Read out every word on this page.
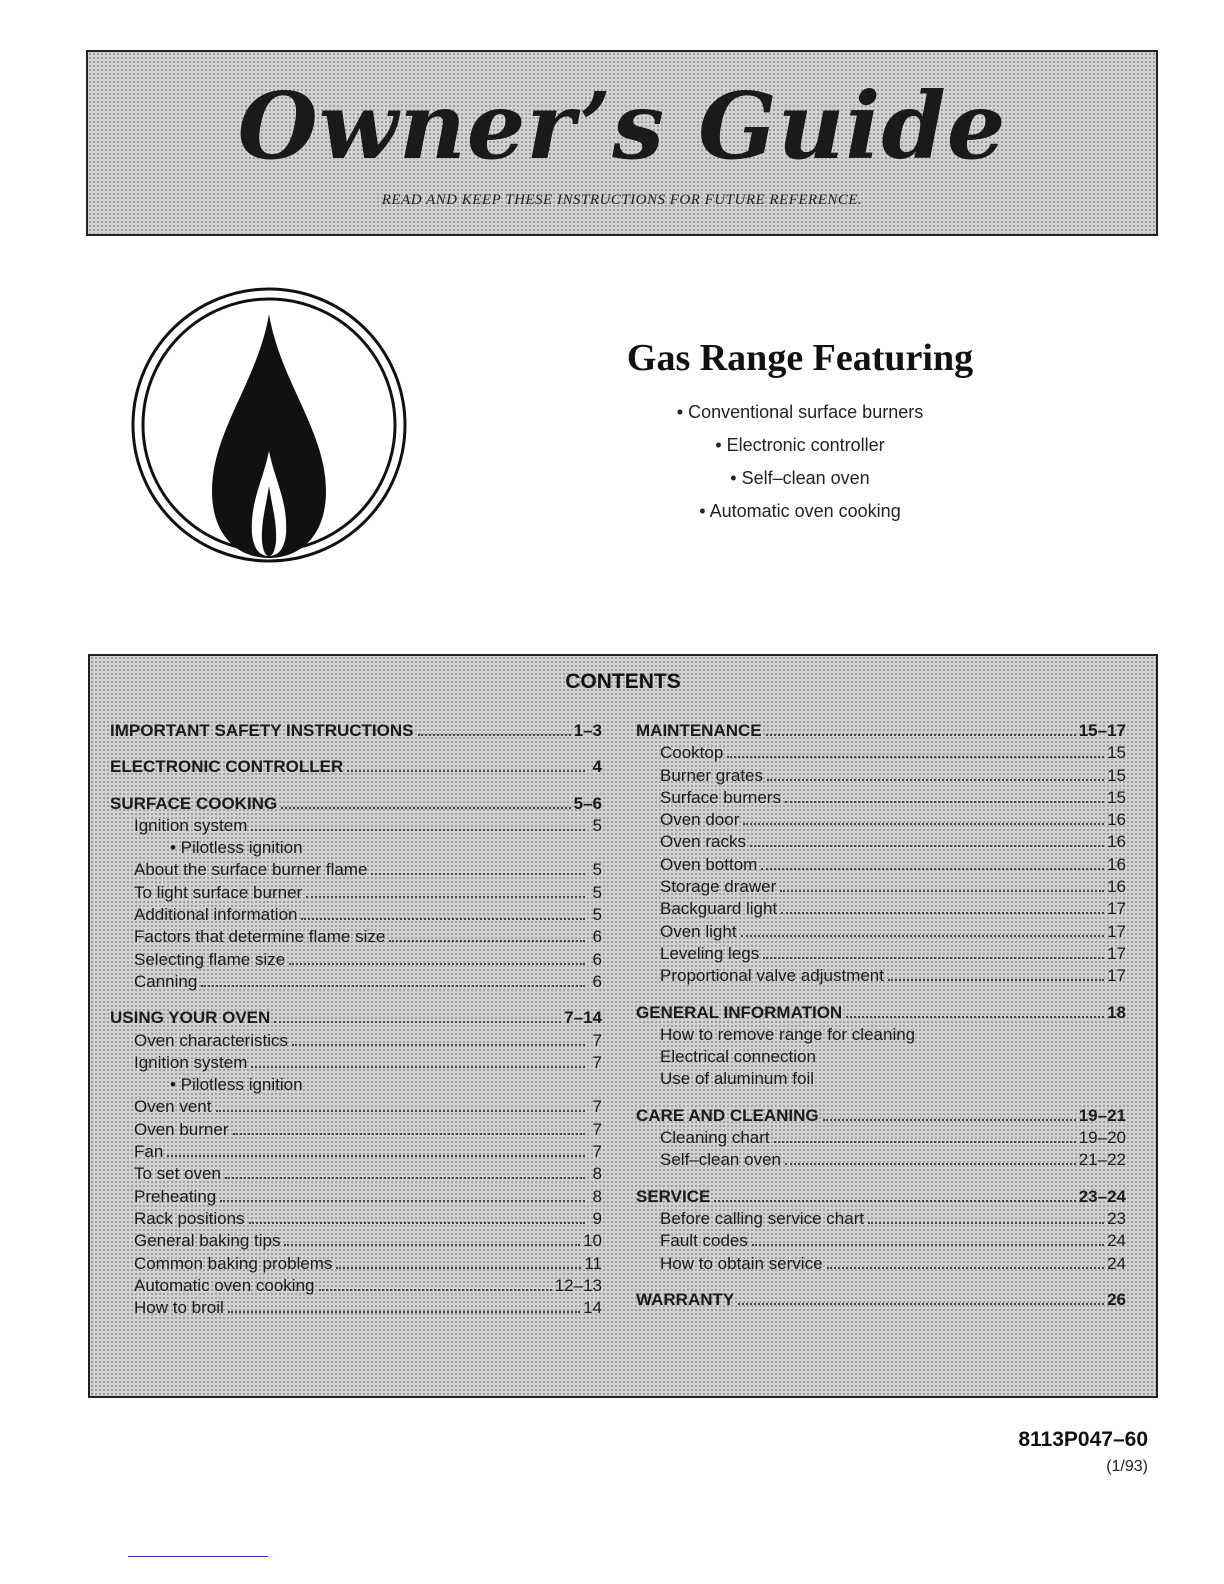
Owner’s Guide
READ AND KEEP THESE INSTRUCTIONS FOR FUTURE REFERENCE.
Gas Range Featuring
• Conventional surface burners
• Electronic controller
• Self–clean oven
• Automatic oven cooking
CONTENTS
IMPORTANT SAFETY INSTRUCTIONS	1–3
ELECTRONIC CONTROLLER	4
SURFACE COOKING	5–6
Ignition system	5
• Pilotless ignition
About the surface burner flame	5
To light surface burner	5
Additional information	5
Factors that determine flame size	6
Selecting flame size	6
Canning	6
USING YOUR OVEN	7–14
Oven characteristics	7
Ignition system	7
• Pilotless ignition
Oven vent	7
Oven burner	7
Fan	7
To set oven	8
Preheating	8
Rack positions	9
General baking tips	10
Common baking problems	11
Automatic oven cooking	12–13
How to broil	14
MAINTENANCE	15–17
Cooktop	15
Burner grates	15
Surface burners	15
Oven door	16
Oven racks	16
Oven bottom	16
Storage drawer	16
Backguard light	17
Oven light	17
Leveling legs	17
Proportional valve adjustment	17
GENERAL INFORMATION	18
How to remove range for cleaning
Electrical connection
Use of aluminum foil
CARE AND CLEANING	19–21
Cleaning chart	19–20
Self–clean oven	21–22
SERVICE	23–24
Before calling service chart	23
Fault codes	24
How to obtain service	24
WARRANTY	26
8113P047–60
(1/93)
